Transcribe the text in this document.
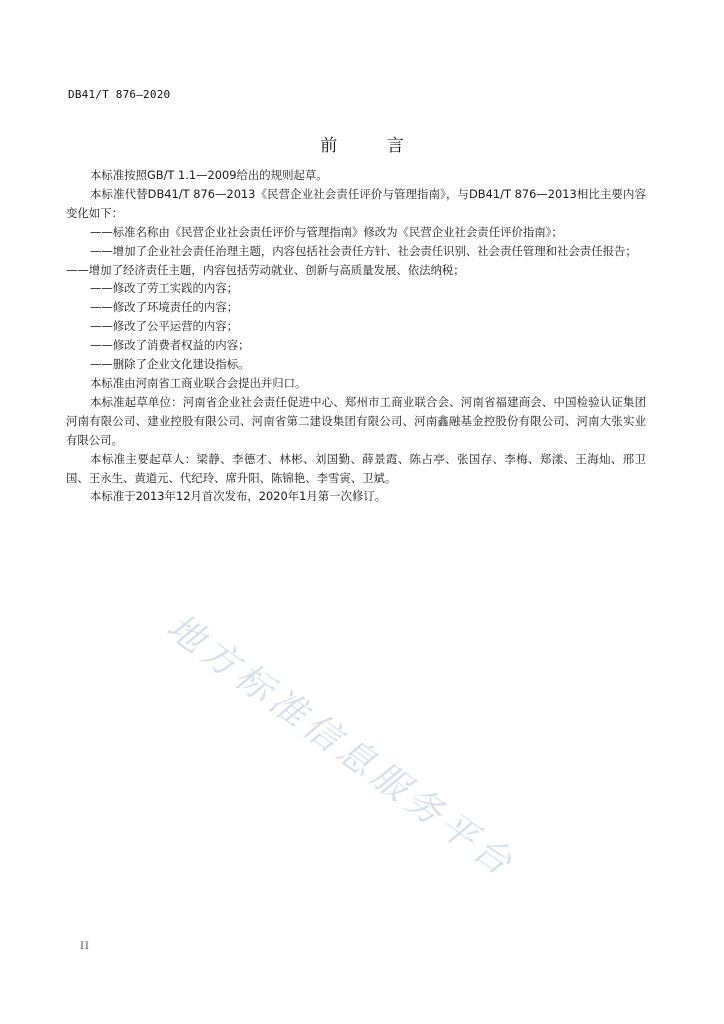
DB41/T 876—2020
前 言

本标准按照GB/T 1.1—2009给出的规则起草。

本标准代替DB41/T 876—2013《民营企业社会责任评价与管理指南》，与DB41/T 876—2013相比主要内容变化如下：

——标准名称由《民营企业社会责任评价与管理指南》修改为《民营企业社会责任评价指南》；

——增加了企业社会责任治理主题，内容包括社会责任方针、社会责任识别、社会责任管理和社会责任报告；

——增加了经济责任主题，内容包括劳动就业、创新与高质量发展、依法纳税；

——修改了劳工实践的内容；

——修改了环境责任的内容；

——修改了公平运营的内容；

——修改了消费者权益的内容；

——删除了企业文化建设指标。

本标准由河南省工商业联合会提出并归口。

本标准起草单位：河南省企业社会责任促进中心、郑州市工商业联合会、河南省福建商会、中国检验认证集团河南有限公司、建业控股有限公司、河南省第二建设集团有限公司、河南鑫融基金控股份有限公司、河南大张实业有限公司。

本标准主要起草人：梁静、李德才、林彬、刘国勤、薛景霞、陈占亭、张国存、李梅、郑漾、王海灿、邢卫国、王永生、黄道元、代纪玲、席升阳、陈锦艳、李雪寅、卫斌。

本标准于2013年12月首次发布，2020年1月第一次修订。

地方标准信息服务平台
II
